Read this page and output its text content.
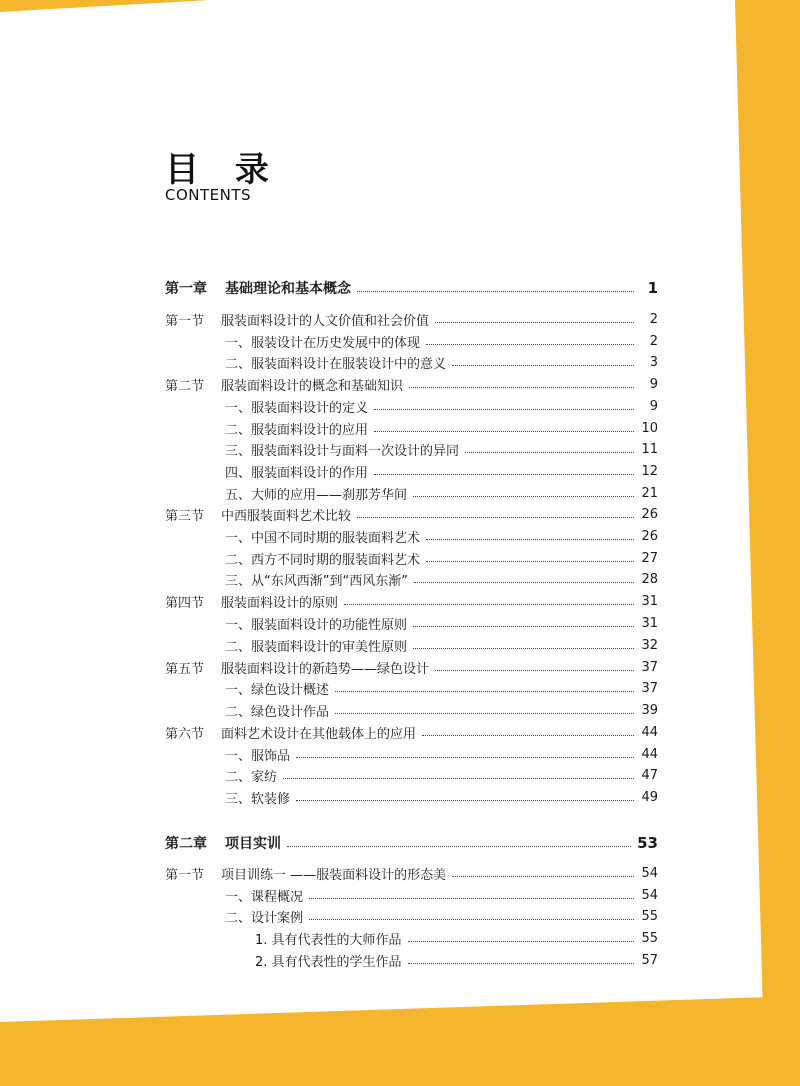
目 录
CONTENTS
第一章	基础理论和基本概念	1
第一节	服装面料设计的人文价值和社会价值	2
一、服装设计在历史发展中的体现	2
二、服装面料设计在服装设计中的意义	3
第二节	服装面料设计的概念和基础知识	9
一、服装面料设计的定义	9
二、服装面料设计的应用	10
三、服装面料设计与面料一次设计的异同	11
四、服装面料设计的作用	12
五、大师的应用——刹那芳华间	21
第三节	中西服装面料艺术比较	26
一、中国不同时期的服装面料艺术	26
二、西方不同时期的服装面料艺术	27
三、从“东风西渐”到“西风东渐”	28
第四节	服装面料设计的原则	31
一、服装面料设计的功能性原则	31
二、服装面料设计的审美性原则	32
第五节	服装面料设计的新趋势——绿色设计	37
一、绿色设计概述	37
二、绿色设计作品	39
第六节	面料艺术设计在其他载体上的应用	44
一、服饰品	44
二、家纺	47
三、软装修	49
第二章	项目实训	53
第一节	项目训练一 ——服装面料设计的形态美	54
一、课程概况	54
二、设计案例	55
1. 具有代表性的大师作品	55
2. 具有代表性的学生作品	57
